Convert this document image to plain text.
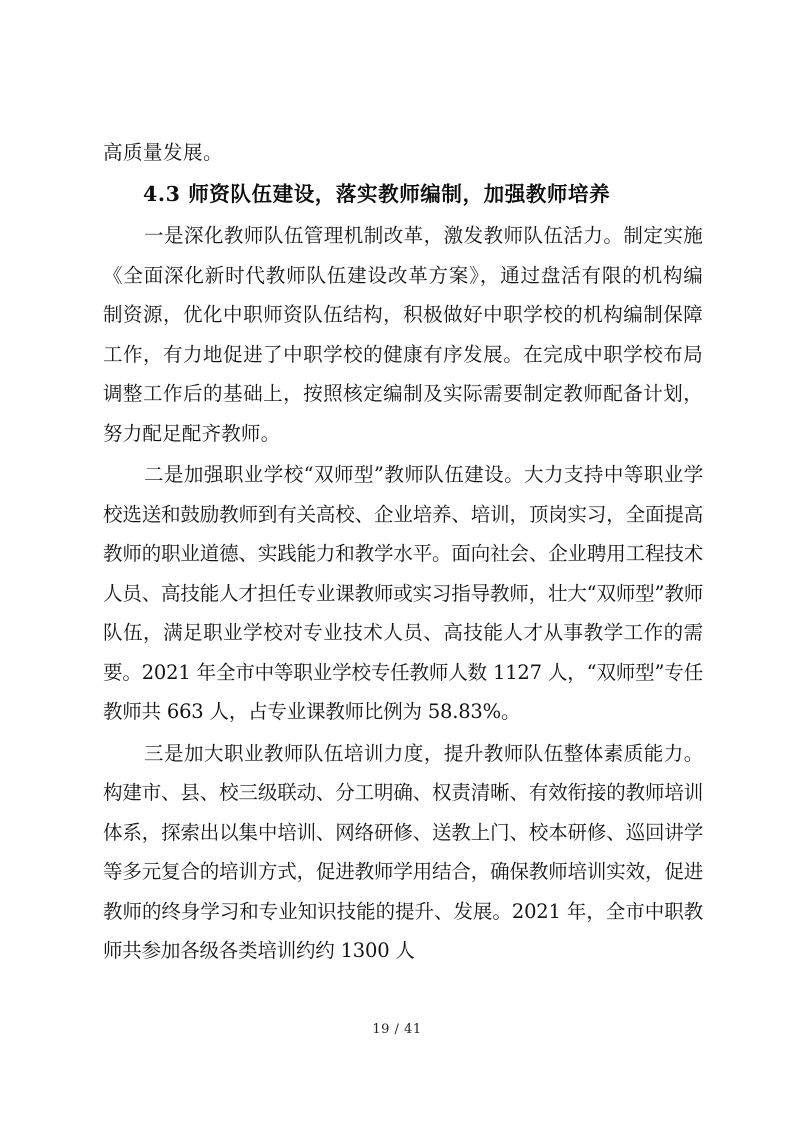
高质量发展。
4.3 师资队伍建设，落实教师编制，加强教师培养
一是深化教师队伍管理机制改革，激发教师队伍活力。制定实施《全面深化新时代教师队伍建设改革方案》，通过盘活有限的机构编制资源，优化中职师资队伍结构，积极做好中职学校的机构编制保障工作，有力地促进了中职学校的健康有序发展。在完成中职学校布局调整工作后的基础上，按照核定编制及实际需要制定教师配备计划，努力配足配齐教师。
二是加强职业学校“双师型”教师队伍建设。大力支持中等职业学校选送和鼓励教师到有关高校、企业培养、培训，顶岗实习，全面提高教师的职业道德、实践能力和教学水平。面向社会、企业聘用工程技术人员、高技能人才担任专业课教师或实习指导教师，壮大“双师型”教师队伍，满足职业学校对专业技术人员、高技能人才从事教学工作的需要。2021 年全市中等职业学校专任教师人数 1127 人，“双师型”专任教师共 663 人，占专业课教师比例为 58.83%。
三是加大职业教师队伍培训力度，提升教师队伍整体素质能力。构建市、县、校三级联动、分工明确、权责清晰、有效衔接的教师培训体系，探索出以集中培训、网络研修、送教上门、校本研修、巡回讲学等多元复合的培训方式，促进教师学用结合，确保教师培训实效，促进教师的终身学习和专业知识技能的提升、发展。2021 年，全市中职教师共参加各级各类培训约约 1300 人
19 / 41
